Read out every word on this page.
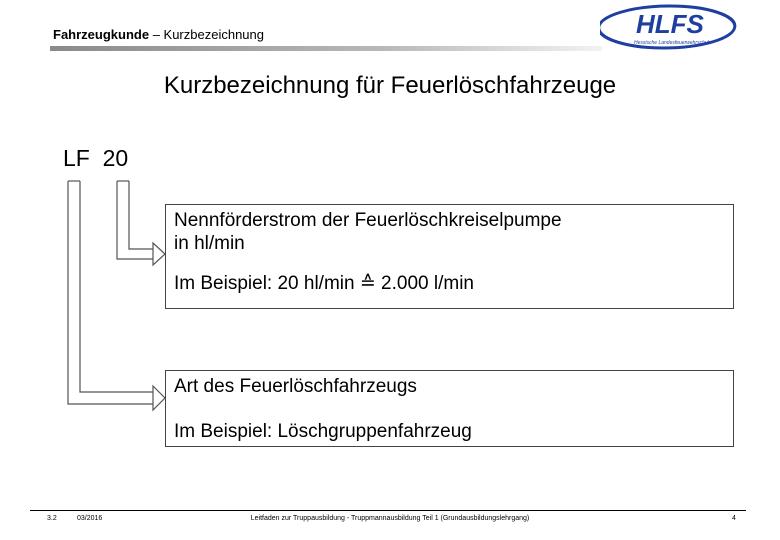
Fahrzeugkunde – Kurzbezeichnung	HLFS
Hessische Landesfeuerwehrschule
Kurzbezeichnung für Feuerlöschfahrzeuge
LF 20

Nennförderstrom der Feuerlöschkreiselpumpe

in hl/min

Im Beispiel: 20 hl/min ≙ 2.000 l/min

Art des Feuerlöschfahrzeugs

Im Beispiel: Löschgruppenfahrzeug

3.2	03/2016	Leitfaden zur Truppausbildung - Truppmannausbildung Teil 1 (Grundausbildungslehrgang)	4
